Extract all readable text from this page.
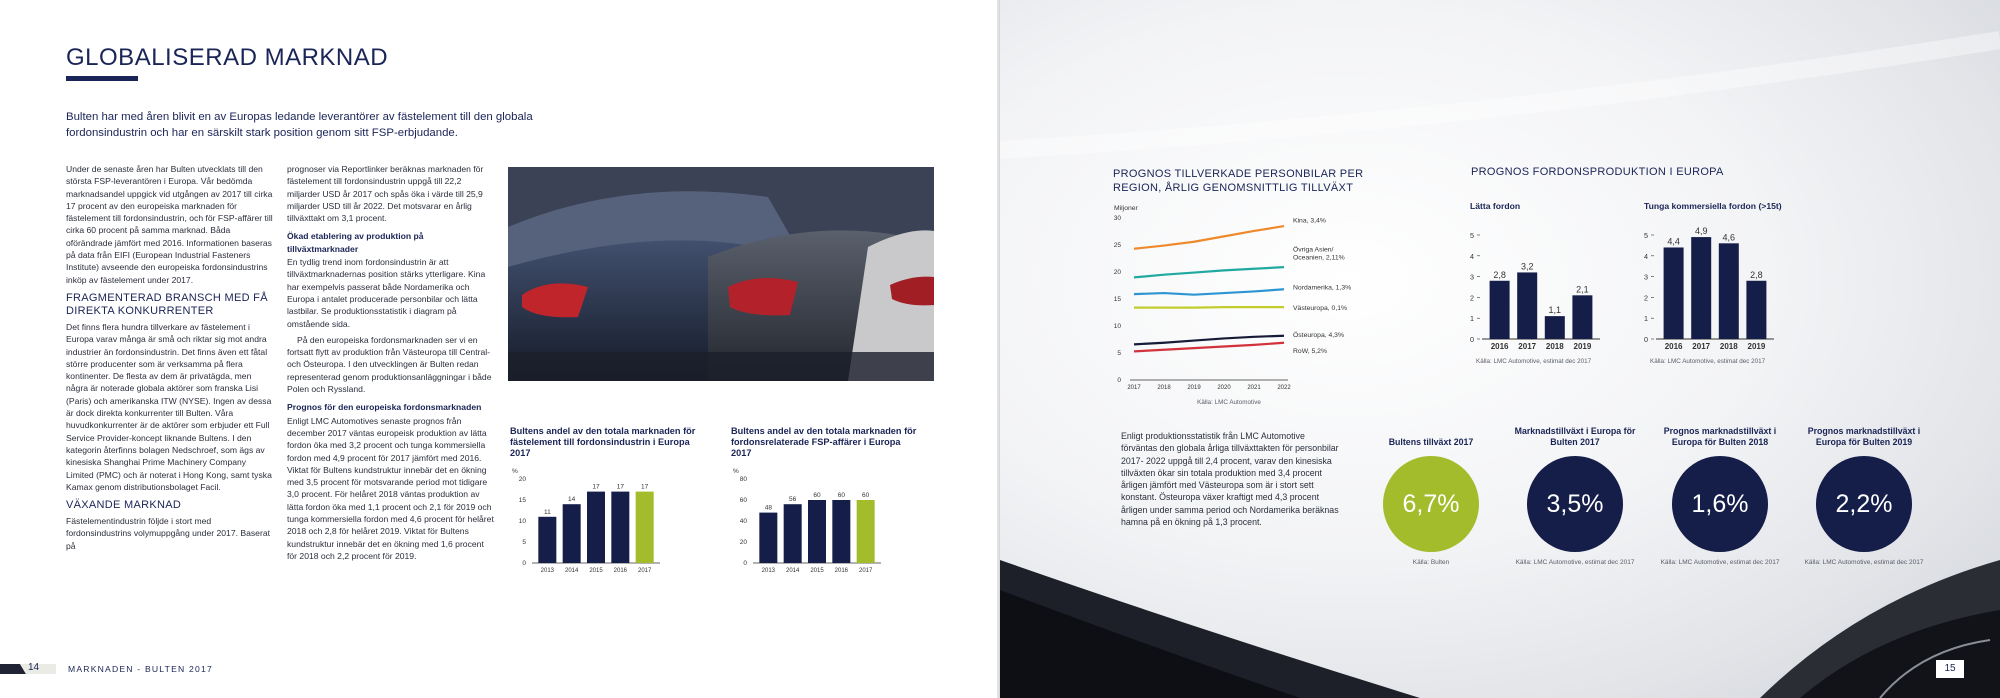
GLOBALISERAD MARKNAD
Bulten har med åren blivit en av Europas ledande leverantörer av fästelement till den globala fordonsindustrin och har en särskilt stark position genom sitt FSP-erbjudande.

Under de senaste åren har Bulten utvecklats till den största FSP-leverantören i Europa. Vår bedömda marknadsandel uppgick vid utgången av 2017 till cirka 17 procent av den europeiska marknaden för fästelement till fordonsindustrin, och för FSP-affärer till cirka 60 procent på samma marknad. Båda oförändrade jämfört med 2016. Informationen baseras på data från EIFI (European Industrial Fasteners Institute) avseende den europeiska fordonsindustrins inköp av fästelement under 2017.

FRAGMENTERAD BRANSCH MED FÅ DIREKTA KONKURRENTER

Det finns flera hundra tillverkare av fästelement i Europa varav många är små och riktar sig mot andra industrier än fordonsindustrin. Det finns även ett fåtal större producenter som är verksamma på flera kontinenter. De flesta av dem är privatägda, men några är noterade globala aktörer som franska Lisi (Paris) och amerikanska ITW (NYSE). Ingen av dessa är dock direkta konkurrenter till Bulten. Våra huvudkonkurrenter är de aktörer som erbjuder ett Full Service Provider-koncept liknande Bultens. I den kategorin återfinns bolagen Nedschroef, som ägs av kinesiska Shanghai Prime Machinery Company Limited (PMC) och är noterat i Hong Kong, samt tyska Kamax genom distributionsbolaget Facil.

VÄXANDE MARKNAD

Fästelementindustrin följde i stort med fordonsindustrins volymuppgång under 2017. Baserat på

prognoser via Reportlinker beräknas marknaden för fästelement till fordonsindustrin uppgå till 22,2 miljarder USD år 2017 och spås öka i värde till 25,9 miljarder USD till år 2022. Det motsvarar en årlig tillväxttakt om 3,1 procent.

Ökad etablering av produktion på tillväxtmarknader

En tydlig trend inom fordonsindustrin är att tillväxtmarknadernas position stärks ytterligare. Kina har exempelvis passerat både Nordamerika och Europa i antalet producerade personbilar och lätta lastbilar. Se produktionsstatistik i diagram på omstående sida.

På den europeiska fordonsmarknaden ser vi en fortsatt flytt av produktion från Västeuropa till Central- och Östeuropa. I den utvecklingen är Bulten redan representerad genom produktionsanläggningar i både Polen och Ryssland.

Prognos för den europeiska fordonsmarknaden

Enligt LMC Automotives senaste prognos från december 2017 väntas europeisk produktion av lätta fordon öka med 3,2 procent och tunga kommersiella fordon med 4,9 procent för 2017 jämfört med 2016. Viktat för Bultens kundstruktur innebär det en ökning med 3,5 procent för motsvarande period mot tidigare 3,0 procent. För helåret 2018 väntas produktion av lätta fordon öka med 1,1 procent och 2,1 för 2019 och tunga kommersiella fordon med 4,6 procent för helåret 2018 och 2,8 för helåret 2019. Viktat för Bultens kundstruktur innebär det en ökning med 1,6 procent för 2018 och 2,2 procent för 2019.

Bultens andel av den totala marknaden för fästelement till fordonsindustrin i Europa 2017
%
0
5
10
15
20
11
2013
14
2014
17
2015
17
2016
17
2017
Bultens andel av den totala marknaden för fordonsrelaterade FSP-affärer i Europa 2017
%
0
20
40
60
80
48
2013
56
2014
60
2015
60
2016
60
2017
14	MARKNADEN - BULTEN 2017
PROGNOS TILLVERKADE PERSONBILAR PER REGION, ÅRLIG GENOMSNITTLIG TILLVÄXT
Miljoner
0
5
10
15
20
25
30
2017	2018	2019	2020	2021	2022
Kina, 3,4%
Övriga Asien/
Oceanien, 2,11%
Nordamerika, 1,3%
Västeuropa, 0,1%
Östeuropa, 4,3%
RoW, 5,2%
Källa: LMC Automotive
PROGNOS FORDONSPRODUKTION I EUROPA
Lätta fordon
0
1
2
3
4
5
2,8
2016
3,2
2017
1,1
2018
2,1
2019
Källa: LMC Automotive, estimat dec 2017
Tunga kommersiella fordon (>15t)
0
1
2
3
4
5
4,4
2016
4,9
2017
4,6
2018
2,8
2019
Källa: LMC Automotive, estimat dec 2017
Enligt produktionsstatistik från LMC Automotive förväntas den globala årliga tillväxttakten för personbilar 2017- 2022 uppgå till 2,4 procent, varav den kinesiska tillväxten ökar sin totala produktion med 3,4 procent årligen jämfört med Västeuropa som är i stort sett konstant. Östeuropa växer kraftigt med 4,3 procent årligen under samma period och Nordamerika beräknas hamna på en ökning på 1,3 procent.
Bultens tillväxt 2017
6,7%
Källa: Bulten
Marknadstillväxt i Europa för Bulten 2017
3,5%
Källa: LMC Automotive, estimat dec 2017
Prognos marknadstillväxt i Europa för Bulten 2018
1,6%
Källa: LMC Automotive, estimat dec 2017
Prognos marknadstillväxt i Europa för Bulten 2019
2,2%
Källa: LMC Automotive, estimat dec 2017
15
